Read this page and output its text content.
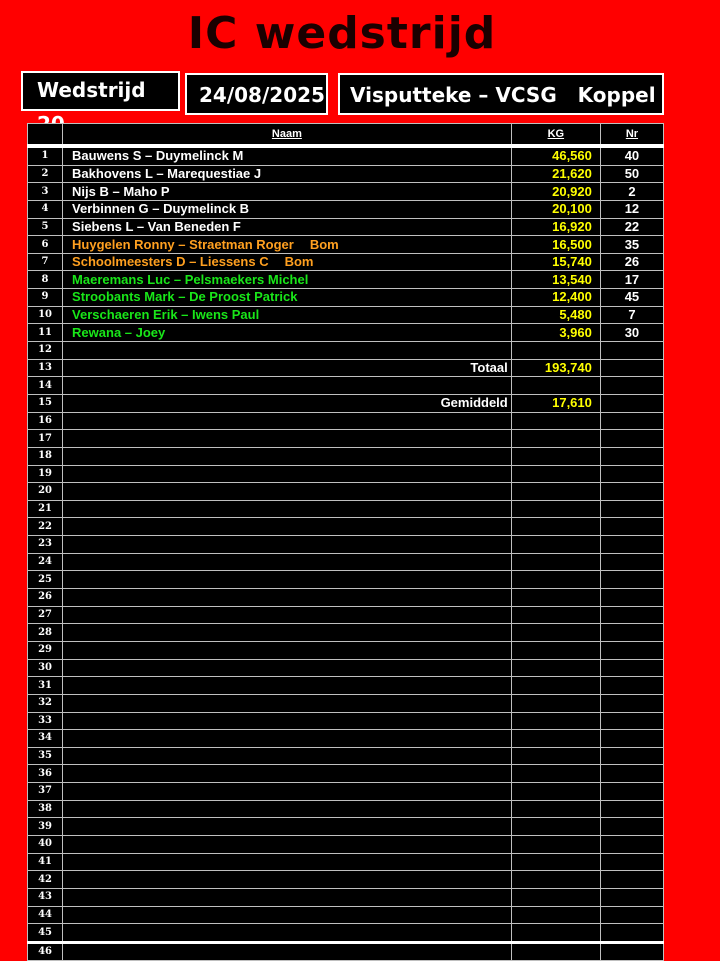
IC wedstrijd
Wedstrijd	24/08/2025	Visputteke – VCSG   Koppel
	Naam	KG	Nr
1	Bauwens S – Duymelinck M	46,560	40
2	Bakhovens L – Marequestiae J	21,620	50
3	Nijs B – Maho P	20,920	2
4	Verbinnen G – Duymelinck B	20,100	12
5	Siebens L – Van Beneden F	16,920	22
6	Huygelen Ronny – Straetman Roger Bom	16,500	35
7	Schoolmeesters D – Liessens C Bom	15,740	26
8	Maeremans Luc – Pelsmaekers Michel	13,540	17
9	Stroobants Mark – De Proost Patrick	12,400	45
10	Verschaeren Erik – Iwens Paul	5,480	7
11	Rewana – Joey	3,960	30
12			
13	Totaal	193,740	
14			
15	Gemiddeld	17,610	
16			
17			
18			
19			
20			
21			
22			
23			
24			
25			
26			
27			
28			
29			
30			
31			
32			
33			
34			
35			
36			
37			
38			
39			
40			
41			
42			
43			
44			
45			
46			
